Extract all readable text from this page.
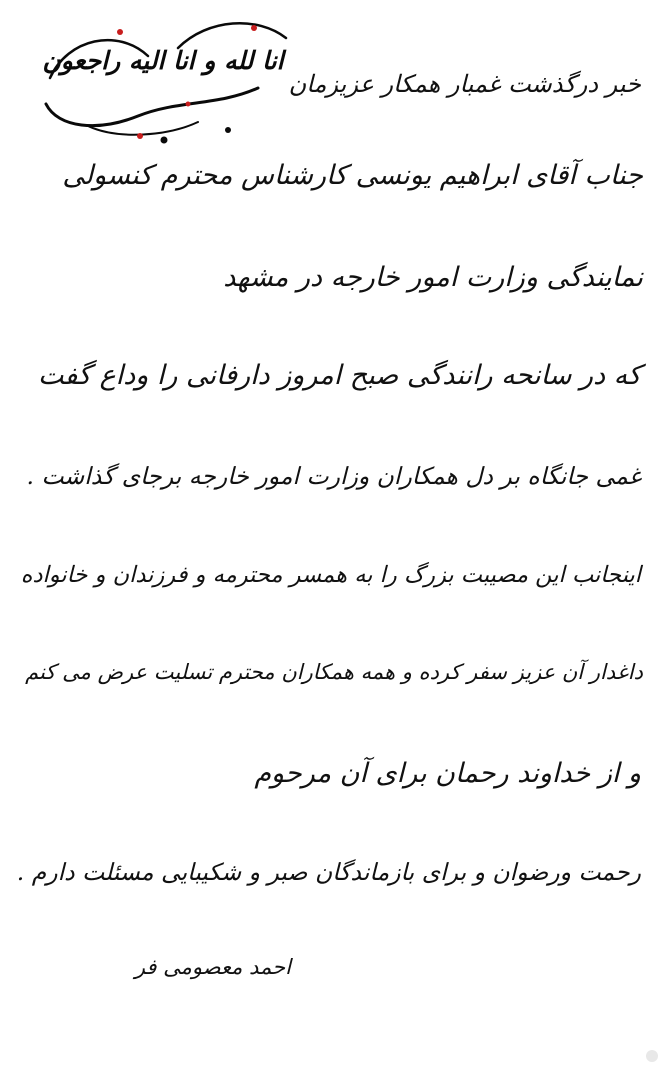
انا لله و انا الیه راجعون
خبر درگذشت غمبار همکار عزیزمان
جناب آقای ابراهیم یونسی کارشناس محترم کنسولی
نمایندگی وزارت امور خارجه در مشهد
که در سانحه رانندگی صبح امروز دارفانی را وداع گفت
غمی جانگاه بر دل همکاران وزارت امور خارجه برجای گذاشت .
اینجانب این مصیبت بزرگ را به همسر محترمه و فرزندان و خانواده
داغدار آن عزیز سفر کرده و همه همکاران محترم تسلیت عرض می کنم
و از خداوند رحمان برای آن مرحوم
رحمت ورضوان و برای بازماندگان صبر و شکیبایی مسئلت دارم .
احمد معصومی فر
